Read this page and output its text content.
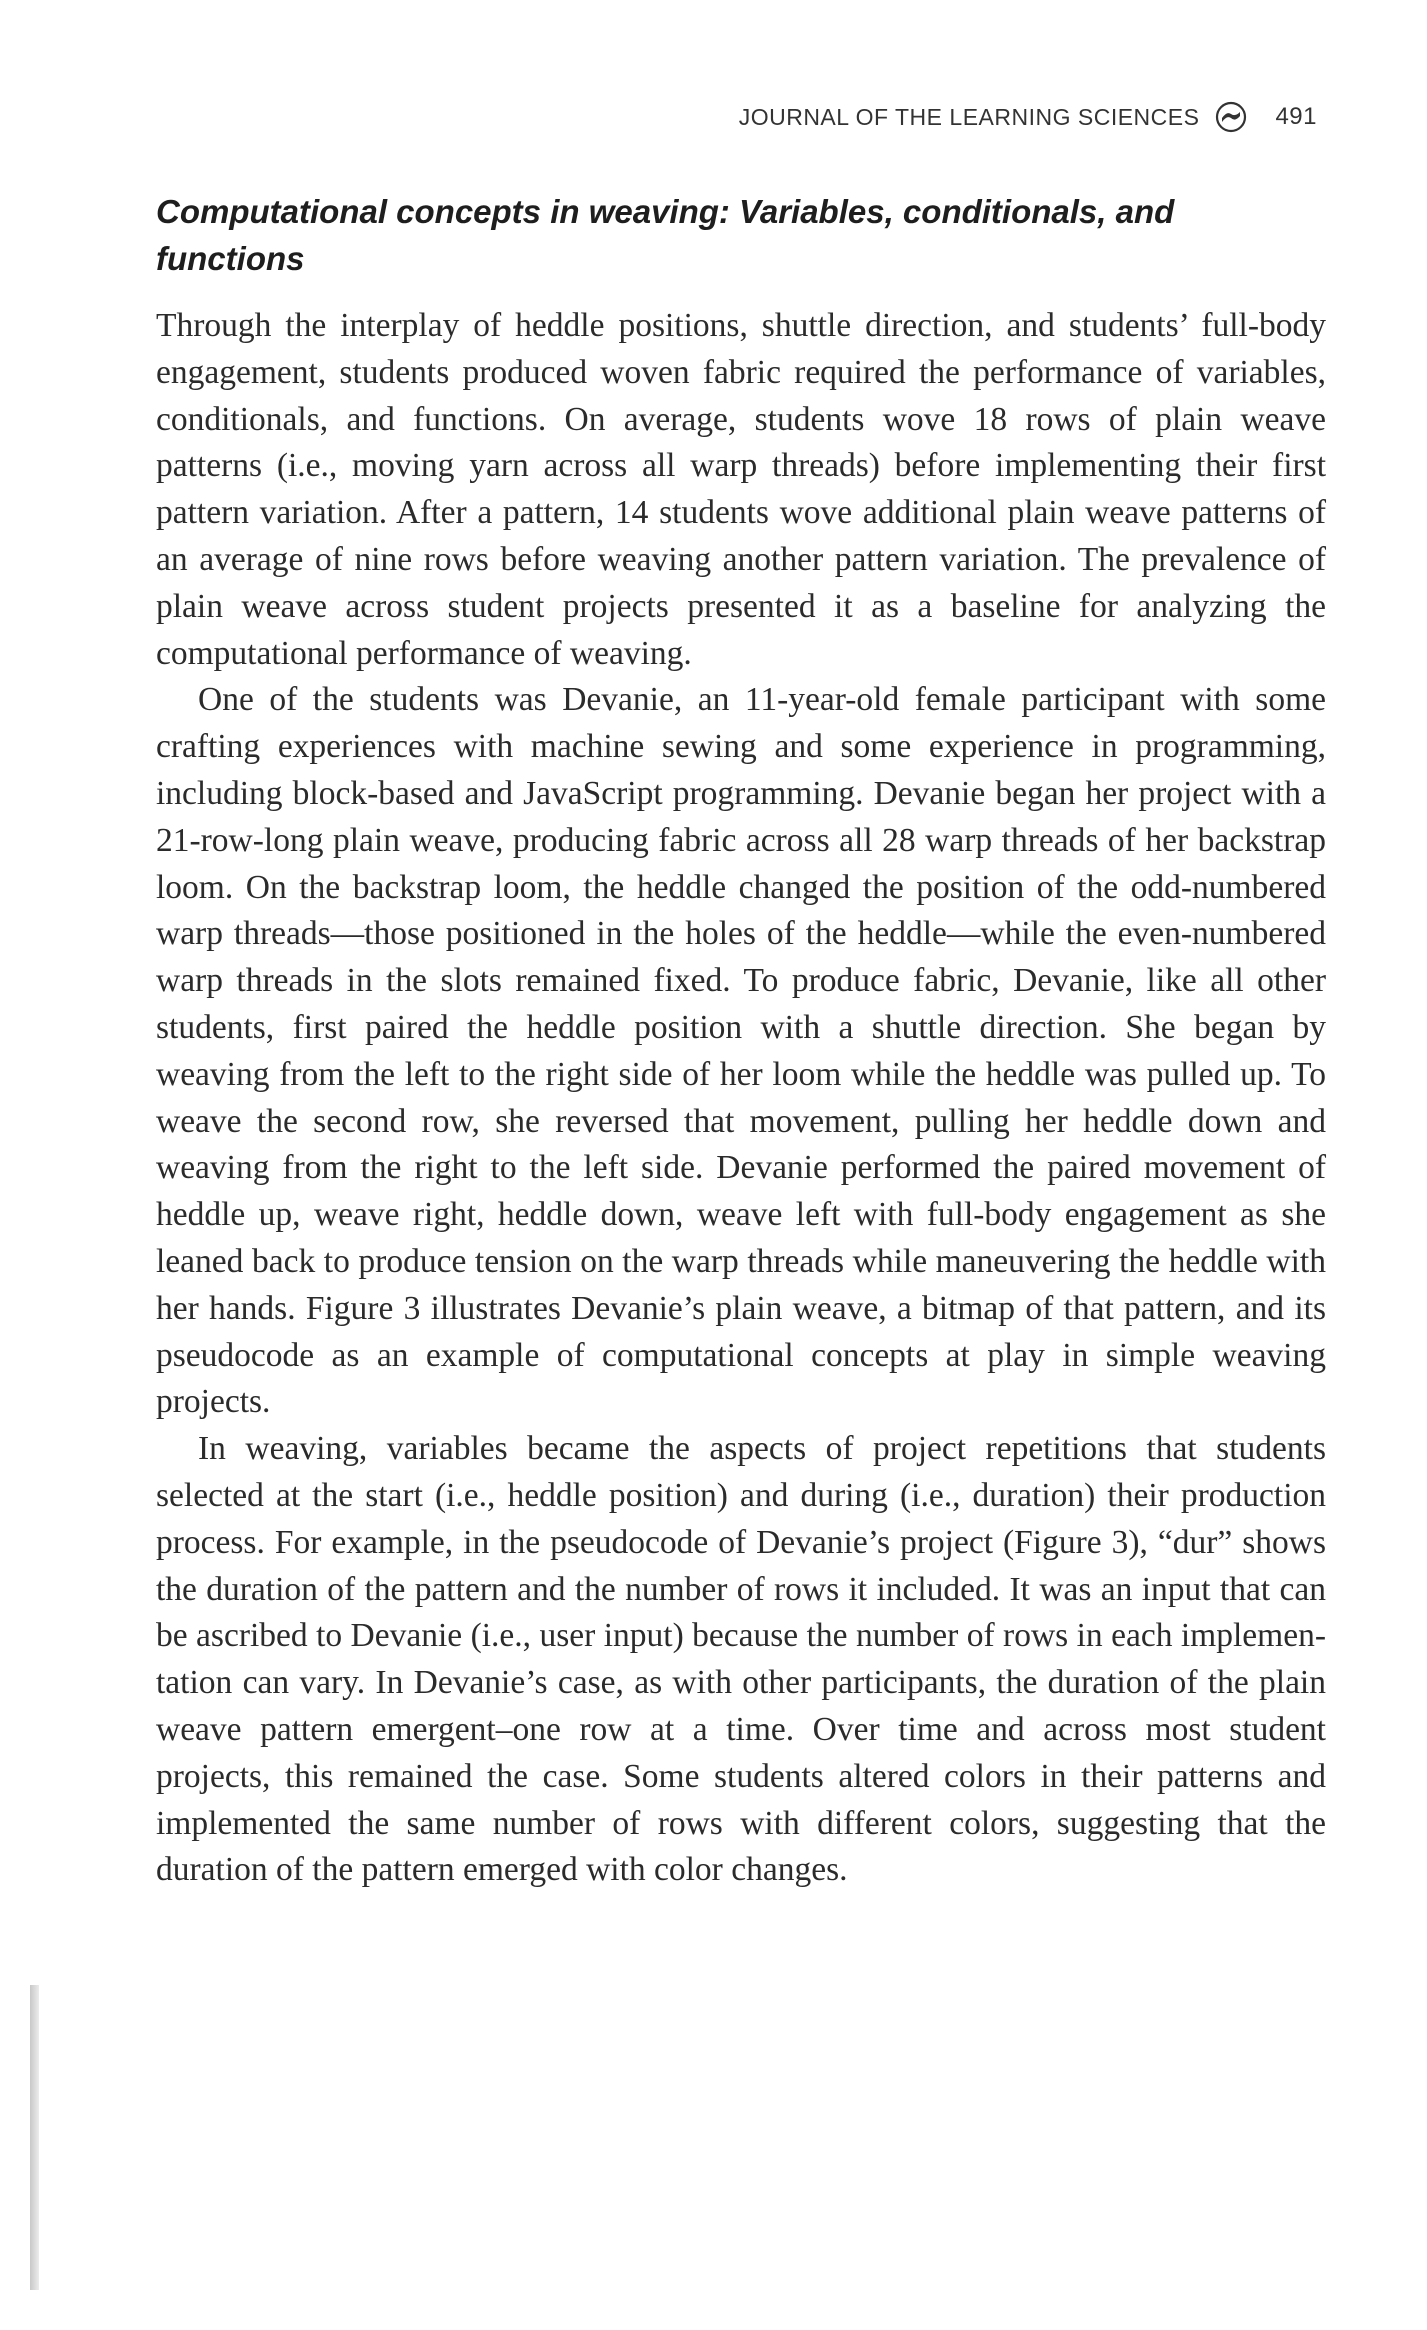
JOURNAL OF THE LEARNING SCIENCES	491
Computational concepts in weaving: Variables, conditionals, and functions

Through the interplay of heddle positions, shuttle direction, and students’ full-body engagement, students produced woven fabric required the performance of variables, conditionals, and functions. On average, students wove 18 rows of plain weave patterns (i.e., moving yarn across all warp threads) before implementing their first pattern variation. After a pattern, 14 students wove additional plain weave patterns of an average of nine rows before weaving another pattern variation. The prevalence of plain weave across student projects presented it as a baseline for analyzing the computational performance of weaving.

One of the students was Devanie, an 11-year-old female participant with some crafting experiences with machine sewing and some experience in programming, including block-based and JavaScript programming. Devanie began her project with a 21-row-long plain weave, producing fabric across all 28 warp threads of her backstrap loom. On the backstrap loom, the heddle changed the position of the odd-numbered warp threads—those positioned in the holes of the heddle—while the even-numbered warp threads in the slots remained fixed. To produce fabric, Devanie, like all other students, first paired the heddle position with a shuttle direction. She began by weaving from the left to the right side of her loom while the heddle was pulled up. To weave the second row, she reversed that movement, pulling her heddle down and weaving from the right to the left side. Devanie performed the paired movement of heddle up, weave right, heddle down, weave left with full-body engagement as she leaned back to produce tension on the warp threads while maneuvering the heddle with her hands. Figure 3 illustrates Devanie’s plain weave, a bitmap of that pattern, and its pseudocode as an example of computational concepts at play in simple weaving projects.

In weaving, variables became the aspects of project repetitions that students selected at the start (i.e., heddle position) and during (i.e., duration) their production process. For example, in the pseudocode of Devanie’s project (Figure 3), “dur” shows the duration of the pattern and the number of rows it included. It was an input that can be ascribed to Devanie (i.e., user input) because the number of rows in each implementation can vary. In Devanie’s case, as with other participants, the duration of the plain weave pattern emergent–one row at a time. Over time and across most student projects, this remained the case. Some students altered colors in their patterns and implemented the same number of rows with different colors, suggesting that the duration of the pattern emerged with color changes.
